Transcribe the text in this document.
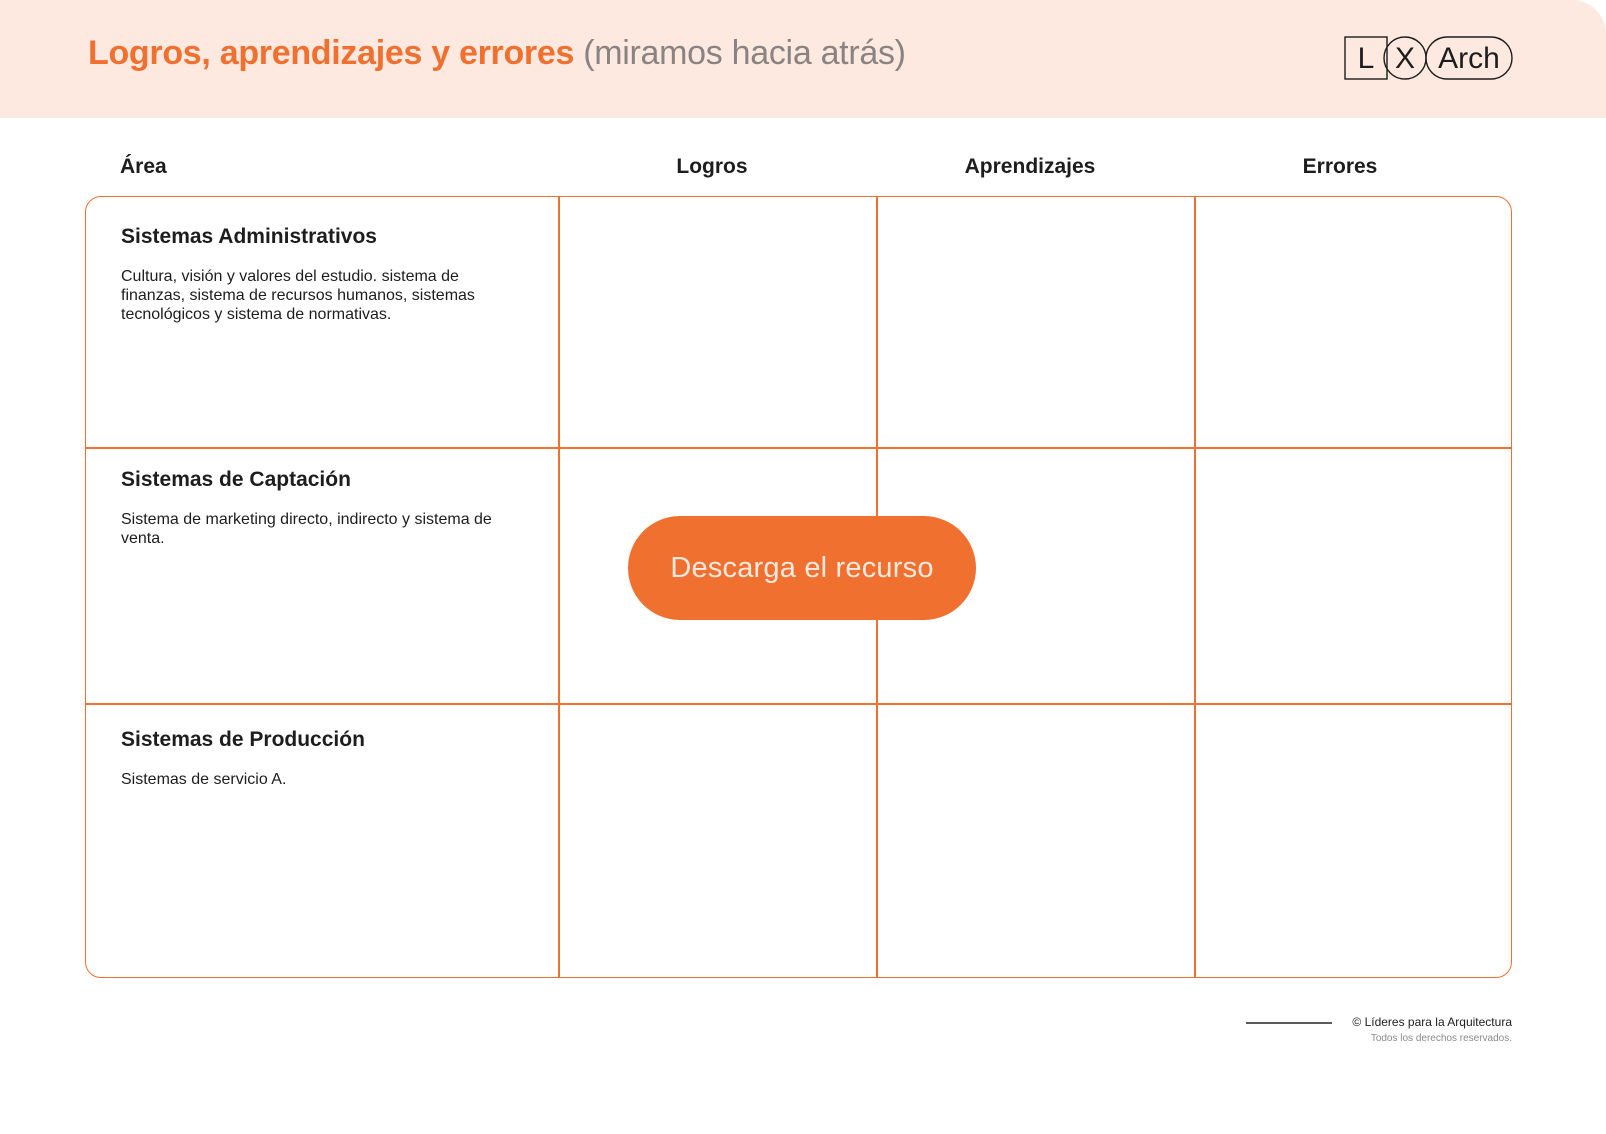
Logros, aprendizajes y errores (miramos hacia atrás)	L X Arch
Área	Logros	Aprendizajes	Errores

Sistemas Administrativos

Cultura, visión y valores del estudio. sistema de finanzas, sistema de recursos humanos, sistemas tecnológicos y sistema de normativas.

Sistemas de Captación

Sistema de marketing directo, indirecto y sistema de venta.

Sistemas de Producción

Sistemas de servicio A.

Descarga el recurso
© Líderes para la Arquitectura
Todos los derechos reservados.
